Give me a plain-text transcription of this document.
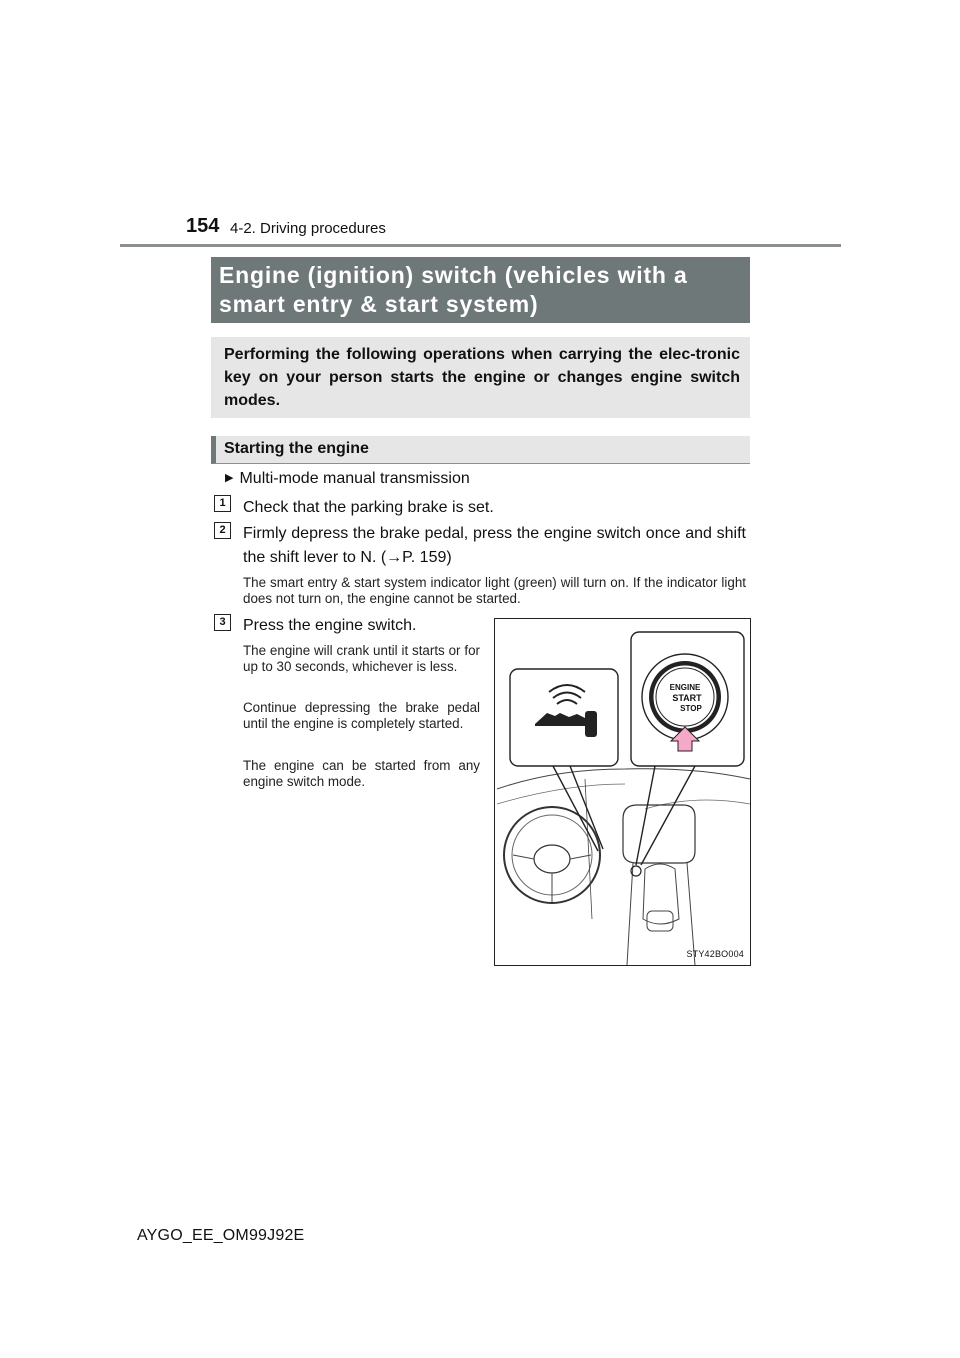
154 4-2. Driving procedures
Engine (ignition) switch (vehicles with a smart entry & start system)
Performing the following operations when carrying the elec-tronic key on your person starts the engine or changes engine switch modes.
Starting the engine
▶ Multi-mode manual transmission
1	Check that the parking brake is set.
2	Firmly depress the brake pedal, press the engine switch once and shift the shift lever to N. (→P. 159)
The smart entry & start system indicator light (green) will turn on. If the indicator light does not turn on, the engine cannot be started.
3	Press the engine switch.
The engine will crank until it starts or for up to 30 seconds, whichever is less.
Continue depressing the brake pedal until the engine is completely started.
The engine can be started from any engine switch mode.
ENGINE
START
STOP
STY42BO004
AYGO_EE_OM99J92E
